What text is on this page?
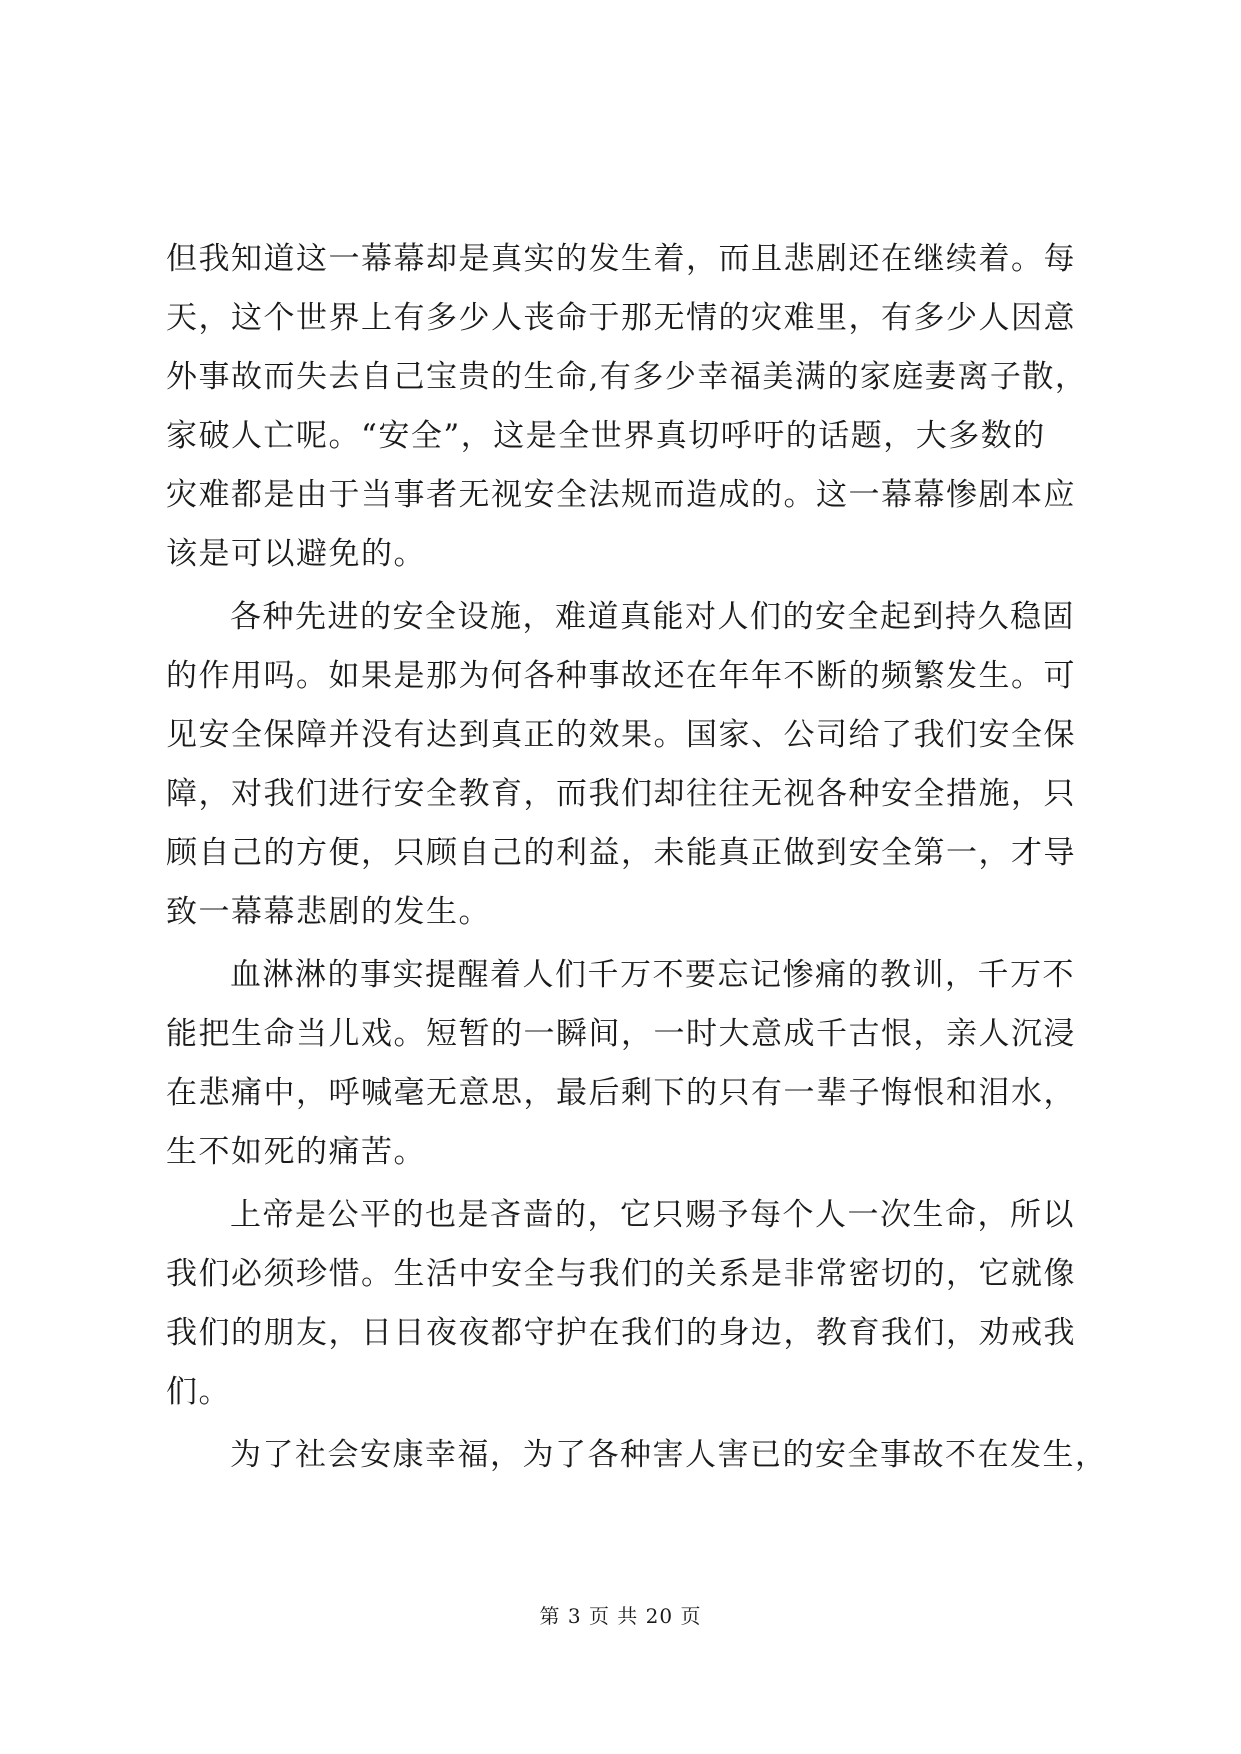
但我知道这一幕幕却是真实的发生着，而且悲剧还在继续着。每
天，这个世界上有多少人丧命于那无情的灾难里，有多少人因意
外事故而失去自己宝贵的生命,有多少幸福美满的家庭妻离子散，
家破人亡呢。“安全”，这是全世界真切呼吁的话题，大多数的
灾难都是由于当事者无视安全法规而造成的。这一幕幕惨剧本应
该是可以避免的。
各种先进的安全设施，难道真能对人们的安全起到持久稳固
的作用吗。如果是那为何各种事故还在年年不断的频繁发生。可
见安全保障并没有达到真正的效果。国家、公司给了我们安全保
障，对我们进行安全教育，而我们却往往无视各种安全措施，只
顾自己的方便，只顾自己的利益，未能真正做到安全第一，才导
致一幕幕悲剧的发生。
血淋淋的事实提醒着人们千万不要忘记惨痛的教训，千万不
能把生命当儿戏。短暂的一瞬间，一时大意成千古恨，亲人沉浸
在悲痛中，呼喊毫无意思，最后剩下的只有一辈子悔恨和泪水，
生不如死的痛苦。
上帝是公平的也是吝啬的，它只赐予每个人一次生命，所以
我们必须珍惜。生活中安全与我们的关系是非常密切的，它就像
我们的朋友，日日夜夜都守护在我们的身边，教育我们，劝戒我
们。
为了社会安康幸福，为了各种害人害已的安全事故不在发生，
第 3 页 共 20 页
